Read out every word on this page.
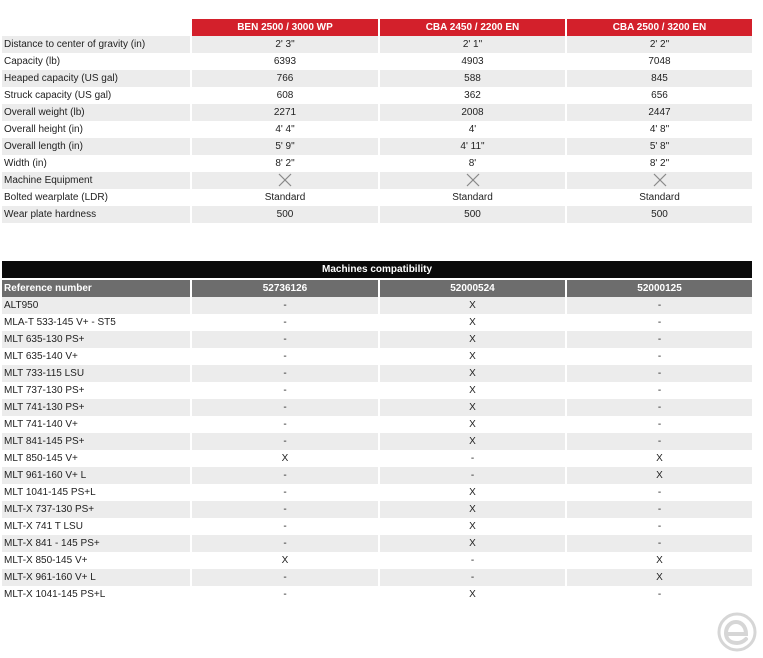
	BEN 2500 / 3000 WP	CBA 2450 / 2200 EN	CBA 2500 / 3200 EN
Distance to center of gravity (in)	2' 3"	2' 1"	2' 2"
Capacity (lb)	6393	4903	7048
Heaped capacity (US gal)	766	588	845
Struck capacity (US gal)	608	362	656
Overall weight (lb)	2271	2008	2447
Overall height (in)	4' 4"	4'	4' 8"
Overall length (in)	5' 9"	4' 11"	5' 8"
Width (in)	8' 2"	8'	8' 2"
Machine Equipment			
Bolted wearplate (LDR)	Standard	Standard	Standard
Wear plate hardness	500	500	500
Machines compatibility			
Reference number	52736126	52000524	52000125
ALT950	-	X	-
MLA-T 533-145 V+ - ST5	-	X	-
MLT 635-130 PS+	-	X	-
MLT 635-140 V+	-	X	-
MLT 733-115 LSU	-	X	-
MLT 737-130 PS+	-	X	-
MLT 741-130 PS+	-	X	-
MLT 741-140 V+	-	X	-
MLT 841-145 PS+	-	X	-
MLT 850-145 V+	X	-	X
MLT 961-160 V+ L	-	-	X
MLT 1041-145 PS+L	-	X	-
MLT-X 737-130 PS+	-	X	-
MLT-X 741 T LSU	-	X	-
MLT-X 841 - 145 PS+	-	X	-
MLT-X 850-145 V+	X	-	X
MLT-X 961-160 V+ L	-	-	X
MLT-X 1041-145 PS+L	-	X	-
